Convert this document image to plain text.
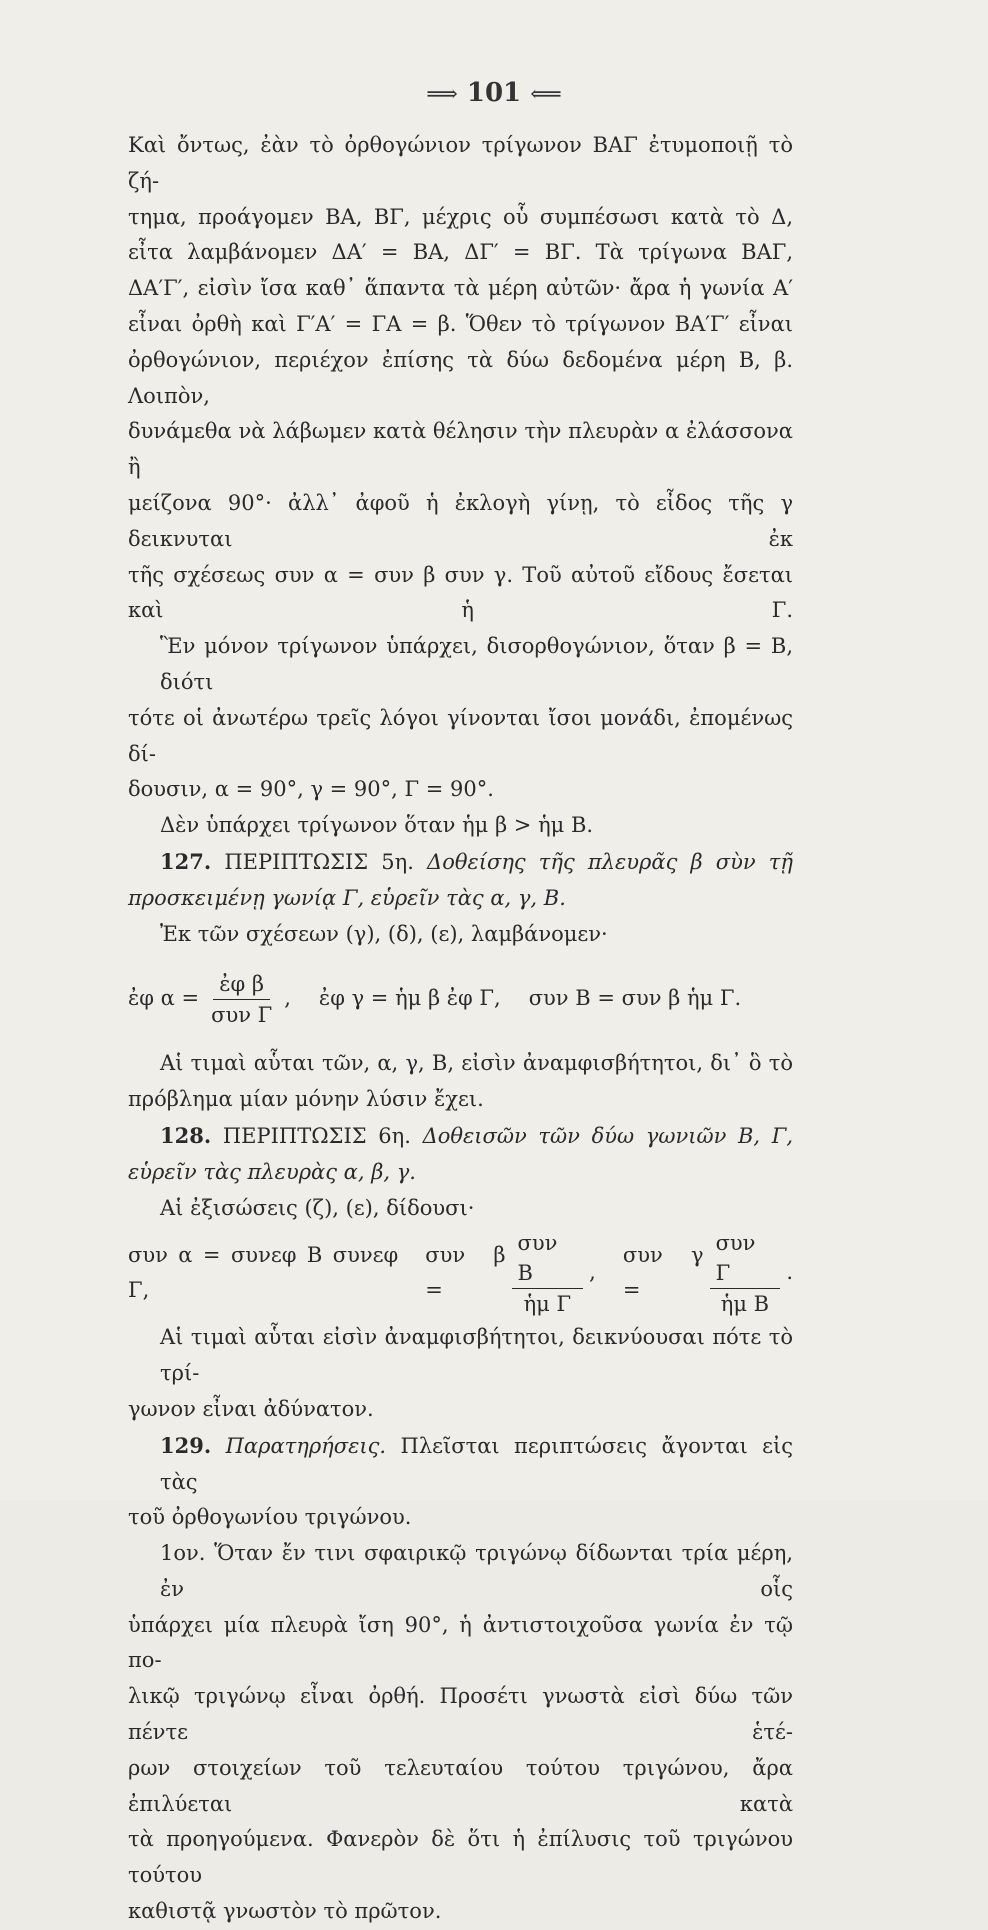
⟹ 101 ⟸
Καὶ ὄντως, ἐὰν τὸ ὀρθογώνιον τρίγωνον ΒΑΓ ἐτυμοποιῇ τὸ ζή-
τημα, προάγομεν ΒΑ, ΒΓ, μέχρις οὗ συμπέσωσι κατὰ τὸ Δ,
εἶτα λαμβάνομεν ΔΑ′ = ΒΑ, ΔΓ′ = ΒΓ. Τὰ τρίγωνα ΒΑΓ,
ΔΑ′Γ′, εἰσὶν ἴσα καθ᾽ ἅπαντα τὰ μέρη αὐτῶν· ἄρα ἡ γωνία Α′
εἶναι ὀρθὴ καὶ Γ′Α′ = ΓΑ = β. Ὅθεν τὸ τρίγωνον ΒΑ′Γ′ εἶναι
ὀρθογώνιον, περιέχον ἐπίσης τὰ δύω δεδομένα μέρη Β, β. Λοιπὸν,
δυνάμεθα νὰ λάβωμεν κατὰ θέλησιν τὴν πλευρὰν α ἐλάσσονα ἢ
μείζονα 90°· ἀλλ᾽ ἀφοῦ ἡ ἐκλογὴ γίνῃ, τὸ εἶδος τῆς γ δεικνυται ἐκ
τῆς σχέσεως συν α = συν β συν γ. Τοῦ αὐτοῦ εἴδους ἔσεται καὶ ἡ Γ.
Ἓν μόνον τρίγωνον ὑπάρχει, δισορθογώνιον, ὅταν β = Β, διότι
τότε οἱ ἀνωτέρω τρεῖς λόγοι γίνονται ἴσοι μονάδι, ἐπομένως δί-
δουσιν, α = 90°, γ = 90°, Γ = 90°.
Δὲν ὑπάρχει τρίγωνον ὅταν ἡμ β > ἡμ Β.
127. ΠΕΡΙΠΤΩΣΙΣ 5η. Δοθείσης τῆς πλευρᾶς β σὺν τῇ
προσκειμένῃ γωνίᾳ Γ, εὑρεῖν τὰς α, γ, Β.
Ἐκ τῶν σχέσεων (γ), (δ), (ε), λαμβάνομεν·
ἐφ $\alpha = \frac{\text{ἐφ β}}{\text{συν Γ}}$ , ἐφ γ = ἡμ β ἐφ Γ, συν Β = συν β ἡμ Γ.
Αἱ τιμαὶ αὗται τῶν, α, γ, Β, εἰσὶν ἀναμφισβήτητοι, δι᾽ ὃ τὸ
πρόβλημα μίαν μόνην λύσιν ἔχει.
128. ΠΕΡΙΠΤΩΣΙΣ 6η. Δοθεισῶν τῶν δύω γωνιῶν Β, Γ,
εὑρεῖν τὰς πλευρὰς α, β, γ.
Αἱ ἐξισώσεις (ζ), (ε), δίδουσι·
συν α = συνεφ Β συνεφ Γ,
συν β =	$\frac{\text{συν Β}}{\text{ἡμ Γ}}$ ,
συν γ =	$\frac{\text{συν Γ}}{\text{ἡμ Β}}$ .
Αἱ τιμαὶ αὗται εἰσὶν ἀναμφισβήτητοι, δεικνύουσαι πότε τὸ τρί-
γωνον εἶναι ἀδύνατον.
129. Παρατηρήσεις. Πλεῖσται περιπτώσεις ἄγονται εἰς τὰς
τοῦ ὀρθογωνίου τριγώνου.
1ον. Ὅταν ἔν τινι σφαιρικῷ τριγώνῳ δίδωνται τρία μέρη, ἐν οἷς
ὑπάρχει μία πλευρὰ ἴση 90°, ἡ ἀντιστοιχοῦσα γωνία ἐν τῷ πο-
λικῷ τριγώνῳ εἶναι ὀρθή. Προσέτι γνωστὰ εἰσὶ δύω τῶν πέντε ἑτέ-
ρων στοιχείων τοῦ τελευταίου τούτου τριγώνου, ἄρα ἐπιλύεται κατὰ
τὰ προηγούμενα. Φανερὸν δὲ ὅτι ἡ ἐπίλυσις τοῦ τριγώνου τούτου
καθιστᾷ γνωστὸν τὸ πρῶτον.
